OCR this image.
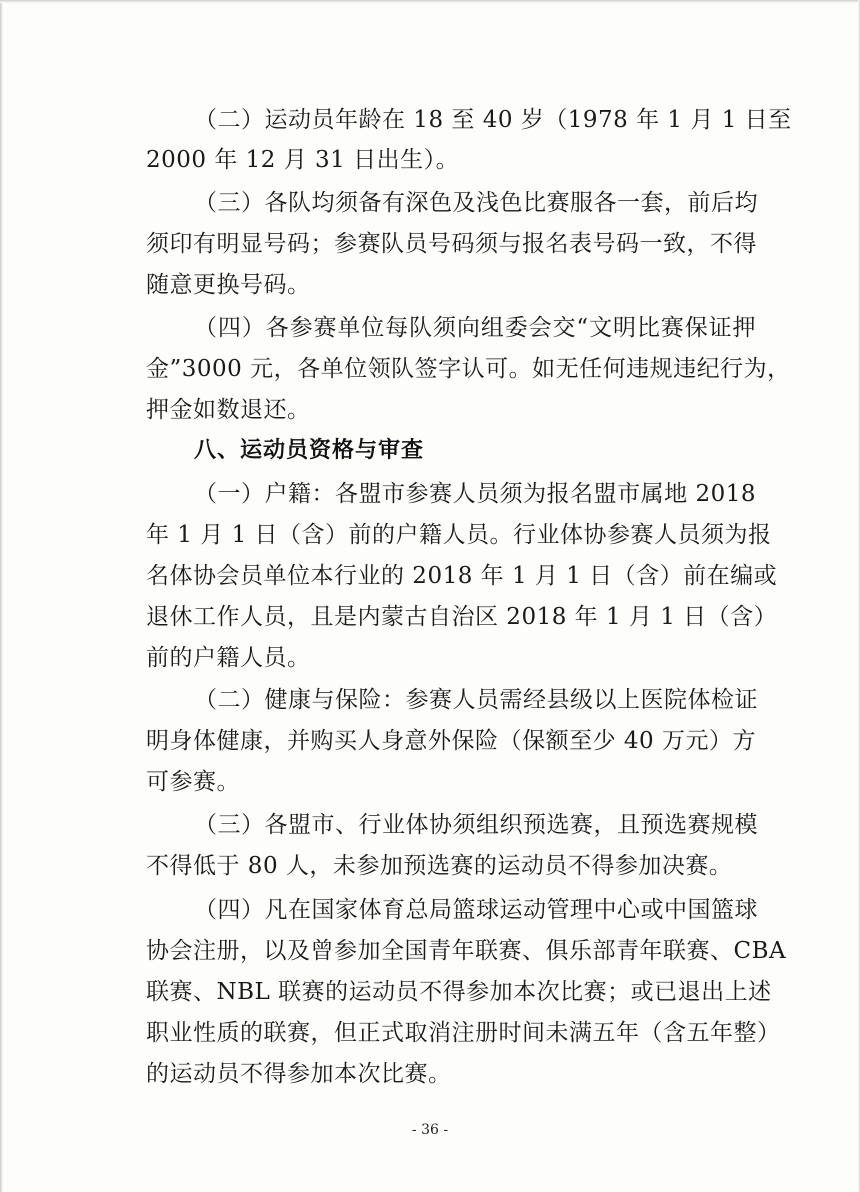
（二）运动员年龄在 18 至 40 岁（1978 年 1 月 1 日至
2000 年 12 月 31 日出生）。
（三）各队均须备有深色及浅色比赛服各一套，前后均
须印有明显号码；参赛队员号码须与报名表号码一致，不得
随意更换号码。
（四）各参赛单位每队须向组委会交“文明比赛保证押
金”3000 元，各单位领队签字认可。如无任何违规违纪行为，
押金如数退还。
八、运动员资格与审查
（一）户籍：各盟市参赛人员须为报名盟市属地 2018
年 1 月 1 日（含）前的户籍人员。行业体协参赛人员须为报
名体协会员单位本行业的 2018 年 1 月 1 日（含）前在编或
退休工作人员，且是内蒙古自治区 2018 年 1 月 1 日（含）
前的户籍人员。
（二）健康与保险：参赛人员需经县级以上医院体检证
明身体健康，并购买人身意外保险（保额至少 40 万元）方
可参赛。
（三）各盟市、行业体协须组织预选赛，且预选赛规模
不得低于 80 人，未参加预选赛的运动员不得参加决赛。
（四）凡在国家体育总局篮球运动管理中心或中国篮球
协会注册，以及曾参加全国青年联赛、俱乐部青年联赛、CBA
联赛、NBL 联赛的运动员不得参加本次比赛；或已退出上述
职业性质的联赛，但正式取消注册时间未满五年（含五年整）
的运动员不得参加本次比赛。
- 36 -
